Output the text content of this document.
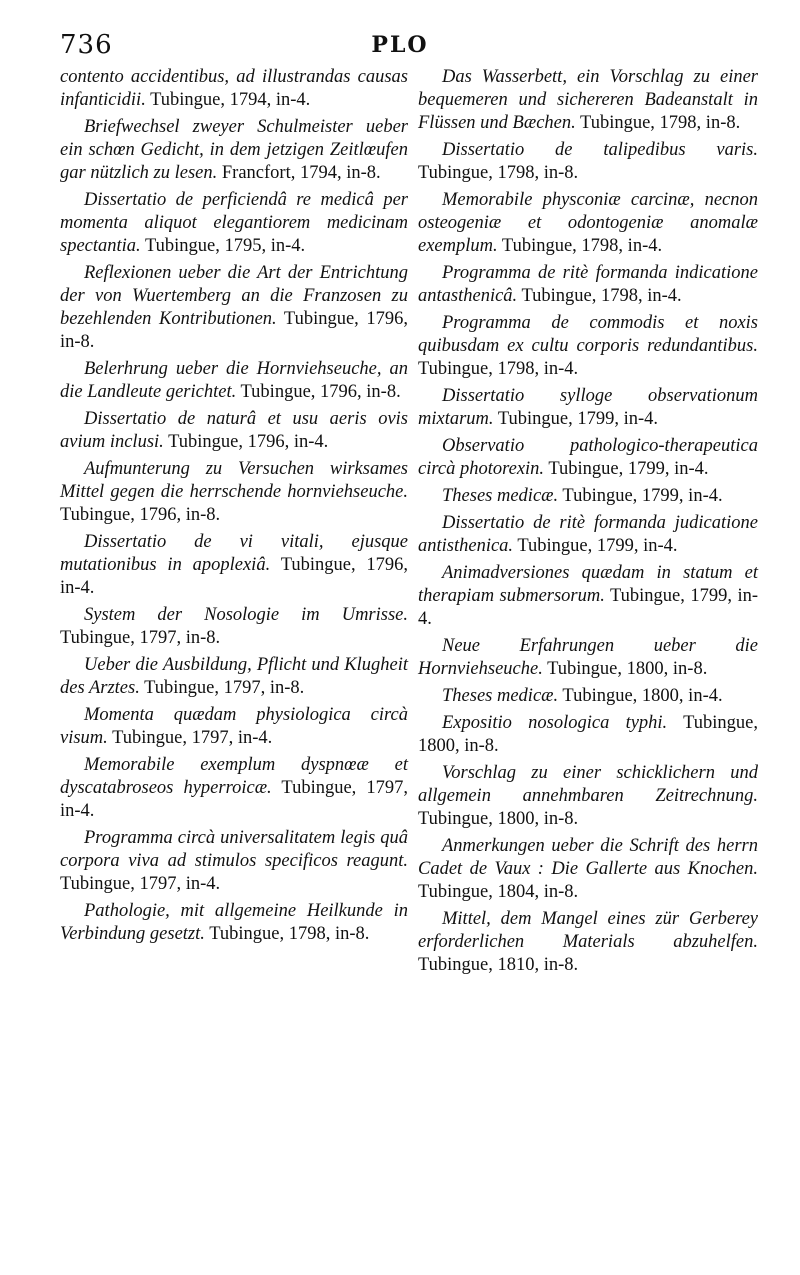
736	PLO

contento accidentibus, ad illustrandas causas infanticidii. Tubingue, 1794, in-4.

Briefwechsel zweyer Schulmeister ueber ein schœn Gedicht, in dem jetzigen Zeitlœufen gar nützlich zu lesen. Francfort, 1794, in-8.

Dissertatio de perficiendâ re medicâ per momenta aliquot elegantiorem medicinam spectantia. Tubingue, 1795, in-4.

Reflexionen ueber die Art der Entrichtung der von Wuertemberg an die Franzosen zu bezehlenden Kontributionen. Tubingue, 1796, in-8.

Belerhrung ueber die Hornviehseuche, an die Landleute gerichtet. Tubingue, 1796, in-8.

Dissertatio de naturâ et usu aeris ovis avium inclusi. Tubingue, 1796, in-4.

Aufmunterung zu Versuchen wirksames Mittel gegen die herrschende hornviehseuche. Tubingue, 1796, in-8.

Dissertatio de vi vitali, ejusque mutationibus in apoplexiâ. Tubingue, 1796, in-4.

System der Nosologie im Umrisse. Tubingue, 1797, in-8.

Ueber die Ausbildung, Pflicht und Klugheit des Arztes. Tubingue, 1797, in-8.

Momenta quædam physiologica circà visum. Tubingue, 1797, in-4.

Memorabile exemplum dyspnœæ et dyscatabroseos hyperroicæ. Tubingue, 1797, in-4.

Programma circà universalitatem legis quâ corpora viva ad stimulos specificos reagunt. Tubingue, 1797, in-4.

Pathologie, mit allgemeine Heilkunde in Verbindung gesetzt. Tubingue, 1798, in-8.

Das Wasserbett, ein Vorschlag zu einer bequemeren und sichereren Badeanstalt in Flüssen und Bæchen. Tubingue, 1798, in-8.

Dissertatio de talipedibus varis. Tubingue, 1798, in-8.

Memorabile physconiæ carcinæ, necnon osteogeniæ et odontogeniæ anomalæ exemplum. Tubingue, 1798, in-4.

Programma de ritè formanda indicatione antasthenicâ. Tubingue, 1798, in-4.

Programma de commodis et noxis quibusdam ex cultu corporis redundantibus. Tubingue, 1798, in-4.

Dissertatio sylloge observationum mixtarum. Tubingue, 1799, in-4.

Observatio pathologico-therapeutica circà photorexin. Tubingue, 1799, in-4.

Theses medicæ. Tubingue, 1799, in-4.

Dissertatio de ritè formanda judicatione antisthenica. Tubingue, 1799, in-4.

Animadversiones quædam in statum et therapiam submersorum. Tubingue, 1799, in-4.

Neue Erfahrungen ueber die Hornviehseuche. Tubingue, 1800, in-8.

Theses medicæ. Tubingue, 1800, in-4.

Expositio nosologica typhi. Tubingue, 1800, in-8.

Vorschlag zu einer schicklichern und allgemein annehmbaren Zeitrechnung. Tubingue, 1800, in-8.

Anmerkungen ueber die Schrift des herrn Cadet de Vaux : Die Gallerte aus Knochen. Tubingue, 1804, in-8.

Mittel, dem Mangel eines zür Gerberey erforderlichen Materials abzuhelfen. Tubingue, 1810, in-8.
